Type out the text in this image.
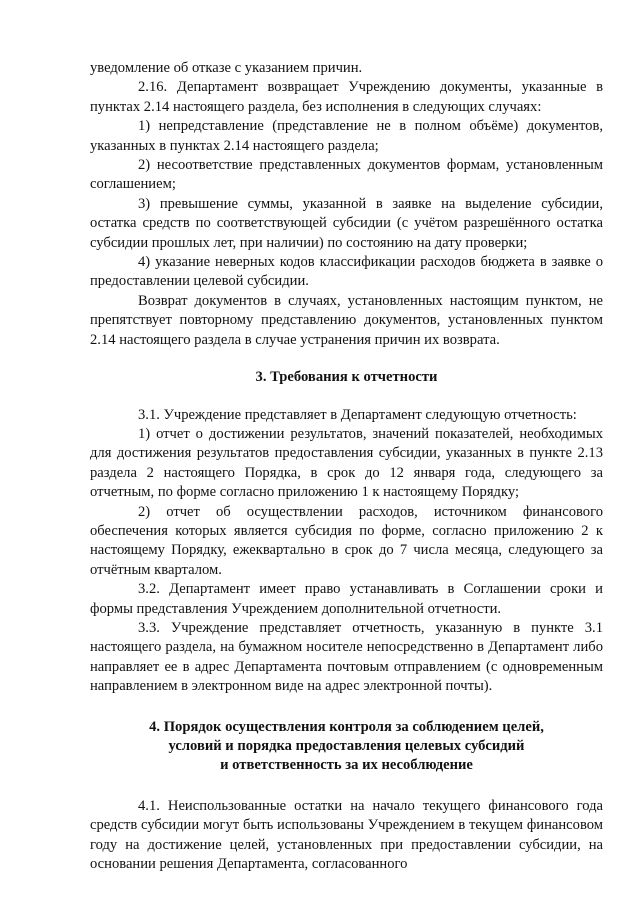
уведомление об отказе с указанием причин.

2.16. Департамент возвращает Учреждению документы, указанные в пунктах 2.14 настоящего раздела, без исполнения в следующих случаях:

1) непредставление (представление не в полном объёме) документов, указанных в пунктах 2.14 настоящего раздела;

2) несоответствие представленных документов формам, установленным соглашением;

3) превышение суммы, указанной в заявке на выделение субсидии, остатка средств по соответствующей субсидии (с учётом разрешённого остатка субсидии прошлых лет, при наличии) по состоянию на дату проверки;

4) указание неверных кодов классификации расходов бюджета в заявке о предоставлении целевой субсидии.

Возврат документов в случаях, установленных настоящим пунктом, не препятствует повторному представлению документов, установленных пунктом 2.14 настоящего раздела в случае устранения причин их возврата.

3. Требования к отчетности

3.1. Учреждение представляет в Департамент следующую отчетность:

1) отчет о достижении результатов, значений показателей, необходимых для достижения результатов предоставления субсидии, указанных в пункте 2.13 раздела 2 настоящего Порядка, в срок до 12 января года, следующего за отчетным, по форме согласно приложению 1 к настоящему Порядку;

2) отчет об осуществлении расходов, источником финансового обеспечения которых является субсидия по форме, согласно приложению 2 к настоящему Порядку, ежеквартально в срок до 7 числа месяца, следующего за отчётным кварталом.

3.2. Департамент имеет право устанавливать в Соглашении сроки и формы представления Учреждением дополнительной отчетности.

3.3. Учреждение представляет отчетность, указанную в пункте 3.1 настоящего раздела, на бумажном носителе непосредственно в Департамент либо направляет ее в адрес Департамента почтовым отправлением (с одновременным направлением в электронном виде на адрес электронной почты).

4. Порядок осуществления контроля за соблюдением целей,
условий и порядка предоставления целевых субсидий
и ответственность за их несоблюдение

4.1. Неиспользованные остатки на начало текущего финансового года средств субсидии могут быть использованы Учреждением в текущем финансовом году на достижение целей, установленных при предоставлении субсидии, на основании решения Департамента, согласованного
